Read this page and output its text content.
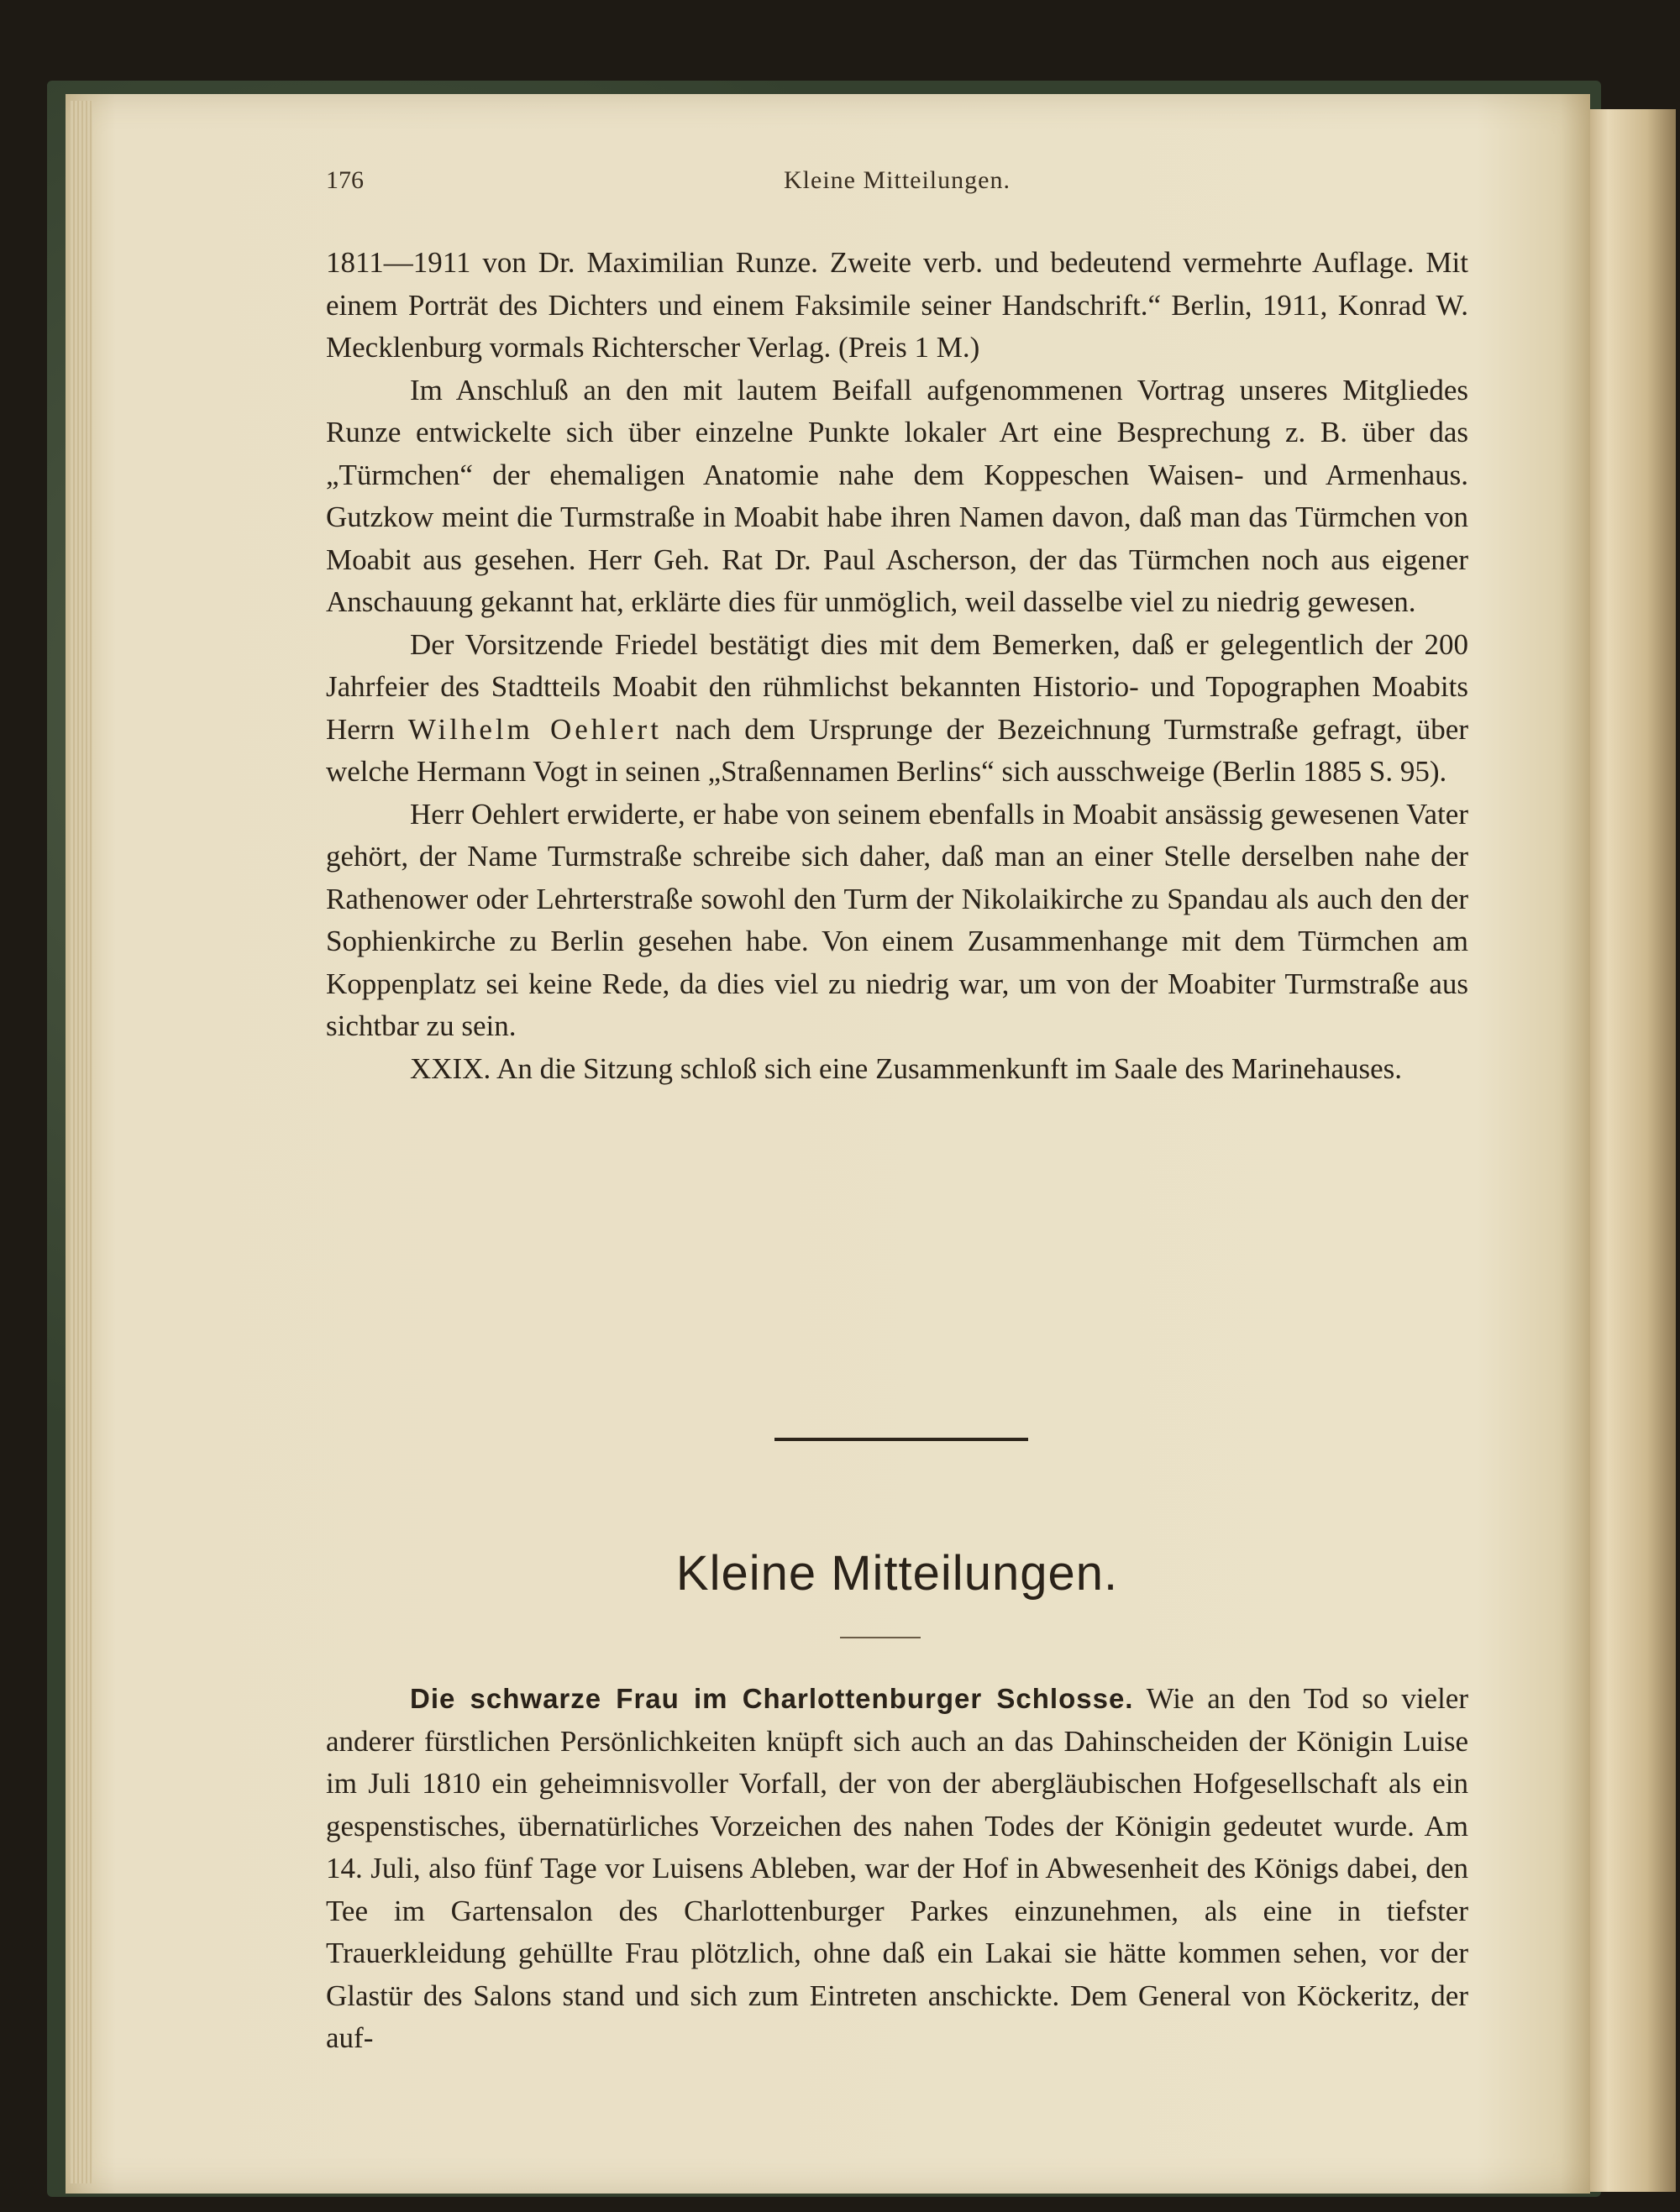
176	Kleine Mitteilungen.

1811—1911 von Dr. Maximilian Runze. Zweite verb. und bedeutend vermehrte Auflage. Mit einem Porträt des Dichters und einem Faksimile seiner Handschrift.“ Berlin, 1911, Konrad W. Mecklenburg vormals Richterscher Verlag. (Preis 1 M.)

Im Anschluß an den mit lautem Beifall aufgenommenen Vortrag unseres Mitgliedes Runze entwickelte sich über einzelne Punkte lokaler Art eine Besprechung z. B. über das „Türmchen“ der ehemaligen Anatomie nahe dem Koppeschen Waisen- und Armenhaus. Gutzkow meint die Turmstraße in Moabit habe ihren Namen davon, daß man das Türmchen von Moabit aus gesehen. Herr Geh. Rat Dr. Paul Ascherson, der das Türmchen noch aus eigener Anschauung gekannt hat, erklärte dies für unmöglich, weil dasselbe viel zu niedrig gewesen.

Der Vorsitzende Friedel bestätigt dies mit dem Bemerken, daß er gelegentlich der 200 Jahrfeier des Stadtteils Moabit den rühmlichst bekannten Historio- und Topographen Moabits Herrn Wilhelm Oehlert nach dem Ursprunge der Bezeichnung Turmstraße gefragt, über welche Hermann Vogt in seinen „Straßennamen Berlins“ sich ausschweige (Berlin 1885 S. 95).

Herr Oehlert erwiderte, er habe von seinem ebenfalls in Moabit ansässig gewesenen Vater gehört, der Name Turmstraße schreibe sich daher, daß man an einer Stelle derselben nahe der Rathenower oder Lehrterstraße sowohl den Turm der Nikolaikirche zu Spandau als auch den der Sophienkirche zu Berlin gesehen habe. Von einem Zusammenhange mit dem Türmchen am Koppenplatz sei keine Rede, da dies viel zu niedrig war, um von der Moabiter Turmstraße aus sichtbar zu sein.

XXIX. An die Sitzung schloß sich eine Zusammenkunft im Saale des Marinehauses.

Kleine Mitteilungen.

Die schwarze Frau im Charlottenburger Schlosse. Wie an den Tod so vieler anderer fürstlichen Persönlichkeiten knüpft sich auch an das Dahinscheiden der Königin Luise im Juli 1810 ein geheimnisvoller Vorfall, der von der abergläubischen Hofgesellschaft als ein gespenstisches, übernatürliches Vorzeichen des nahen Todes der Königin gedeutet wurde. Am 14. Juli, also fünf Tage vor Luisens Ableben, war der Hof in Abwesenheit des Königs dabei, den Tee im Gartensalon des Charlottenburger Parkes einzunehmen, als eine in tiefster Trauerkleidung gehüllte Frau plötzlich, ohne daß ein Lakai sie hätte kommen sehen, vor der Glastür des Salons stand und sich zum Eintreten anschickte. Dem General von Köckeritz, der auf-
